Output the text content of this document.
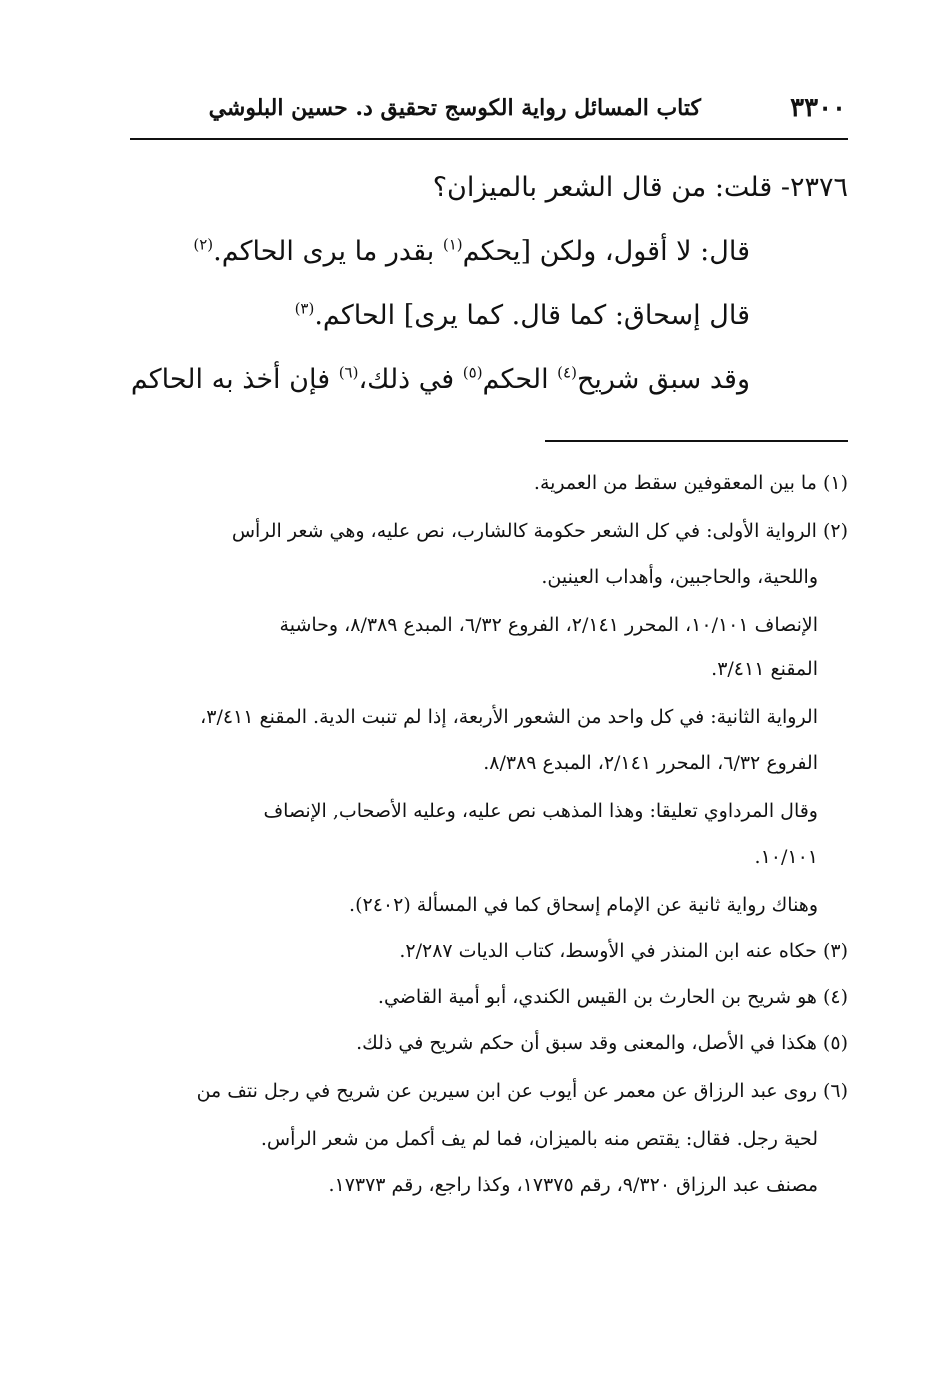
٣٣٠٠
كتاب المسائل رواية الكوسج تحقيق د. حسين البلوشي
٢٣٧٦- قلت: من قال الشعر بالميزان؟
قال: لا أقول، ولكن [يحكم$^{(١)}$ بقدر ما يرى الحاكم.$^{(٢)}$
قال إسحاق: كما قال. كما يرى] الحاكم.$^{(٣)}$
وقد سبق شريح$^{(٤)}$ الحكم$^{(٥)}$ في ذلك،$^{(٦)}$ فإن أخذ به الحاكم
(١) ما بين المعقوفين سقط من العمرية.
(٢) الرواية الأولى: في كل الشعر حكومة كالشارب، نص عليه، وهي شعر الرأس
واللحية، والحاجبين، وأهداب العينين.
الإنصاف ١٠/١٠١، المحرر ٢/١٤١، الفروع ٦/٣٢، المبدع ٨/٣٨٩، وحاشية
المقنع ٣/٤١١.
الرواية الثانية: في كل واحد من الشعور الأربعة، إذا لم تنبت الدية. المقنع ٣/٤١١،
الفروع ٦/٣٢، المحرر ٢/١٤١، المبدع ٨/٣٨٩.
وقال المرداوي تعليقا: وهذا المذهب نص عليه، وعليه الأصحاب, الإنصاف
١٠/١٠١.
وهناك رواية ثانية عن الإمام إسحاق كما في المسألة (٢٤٠٢).
(٣) حكاه عنه ابن المنذر في الأوسط، كتاب الديات ٢/٢٨٧.
(٤) هو شريح بن الحارث بن القيس الكندي، أبو أمية القاضي.
(٥) هكذا في الأصل، والمعنى وقد سبق أن حكم شريح في ذلك.
(٦) روى عبد الرزاق عن معمر عن أيوب عن ابن سيرين عن شريح في رجل نتف من
لحية رجل. فقال: يقتص منه بالميزان، فما لم يف أكمل من شعر الرأس.
مصنف عبد الرزاق ٩/٣٢٠، رقم ١٧٣٧٥، وكذا راجع، رقم ١٧٣٧٣.
